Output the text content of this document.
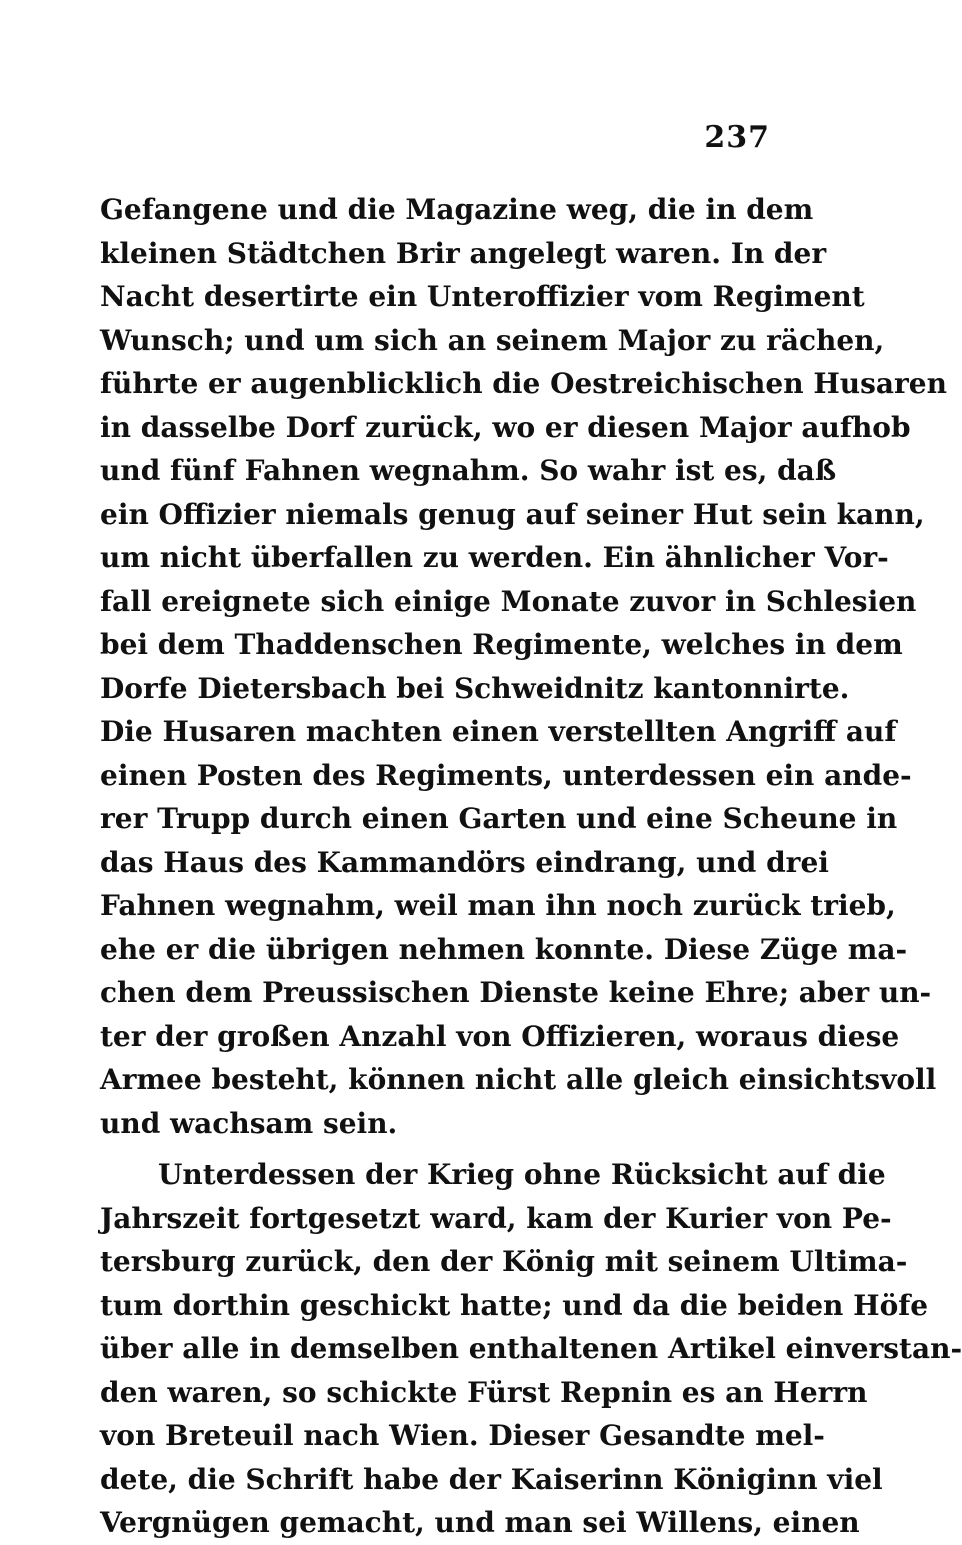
237
Gefangene und die Magazine weg, die in dem
kleinen Städtchen Brir angelegt waren. In der
Nacht desertirte ein Unteroffizier vom Regiment
Wunsch; und um sich an seinem Major zu rächen,
führte er augenblicklich die Oestreichischen Husaren
in dasselbe Dorf zurück, wo er diesen Major aufhob
und fünf Fahnen wegnahm. So wahr ist es, daß
ein Offizier niemals genug auf seiner Hut sein kann,
um nicht überfallen zu werden. Ein ähnlicher Vor-
fall ereignete sich einige Monate zuvor in Schlesien
bei dem Thaddenschen Regimente, welches in dem
Dorfe Dietersbach bei Schweidnitz kantonnirte.
Die Husaren machten einen verstellten Angriff auf
einen Posten des Regiments, unterdessen ein ande-
rer Trupp durch einen Garten und eine Scheune in
das Haus des Kammandörs eindrang, und drei
Fahnen wegnahm, weil man ihn noch zurück trieb,
ehe er die übrigen nehmen konnte. Diese Züge ma-
chen dem Preussischen Dienste keine Ehre; aber un-
ter der großen Anzahl von Offizieren, woraus diese
Armee besteht, können nicht alle gleich einsichtsvoll
und wachsam sein.
Unterdessen der Krieg ohne Rücksicht auf die
Jahrszeit fortgesetzt ward, kam der Kurier von Pe-
tersburg zurück, den der König mit seinem Ultima-
tum dorthin geschickt hatte; und da die beiden Höfe
über alle in demselben enthaltenen Artikel einverstan-
den waren, so schickte Fürst Repnin es an Herrn
von Breteuil nach Wien. Dieser Gesandte mel-
dete, die Schrift habe der Kaiserinn Königinn viel
Vergnügen gemacht, und man sei Willens, einen
